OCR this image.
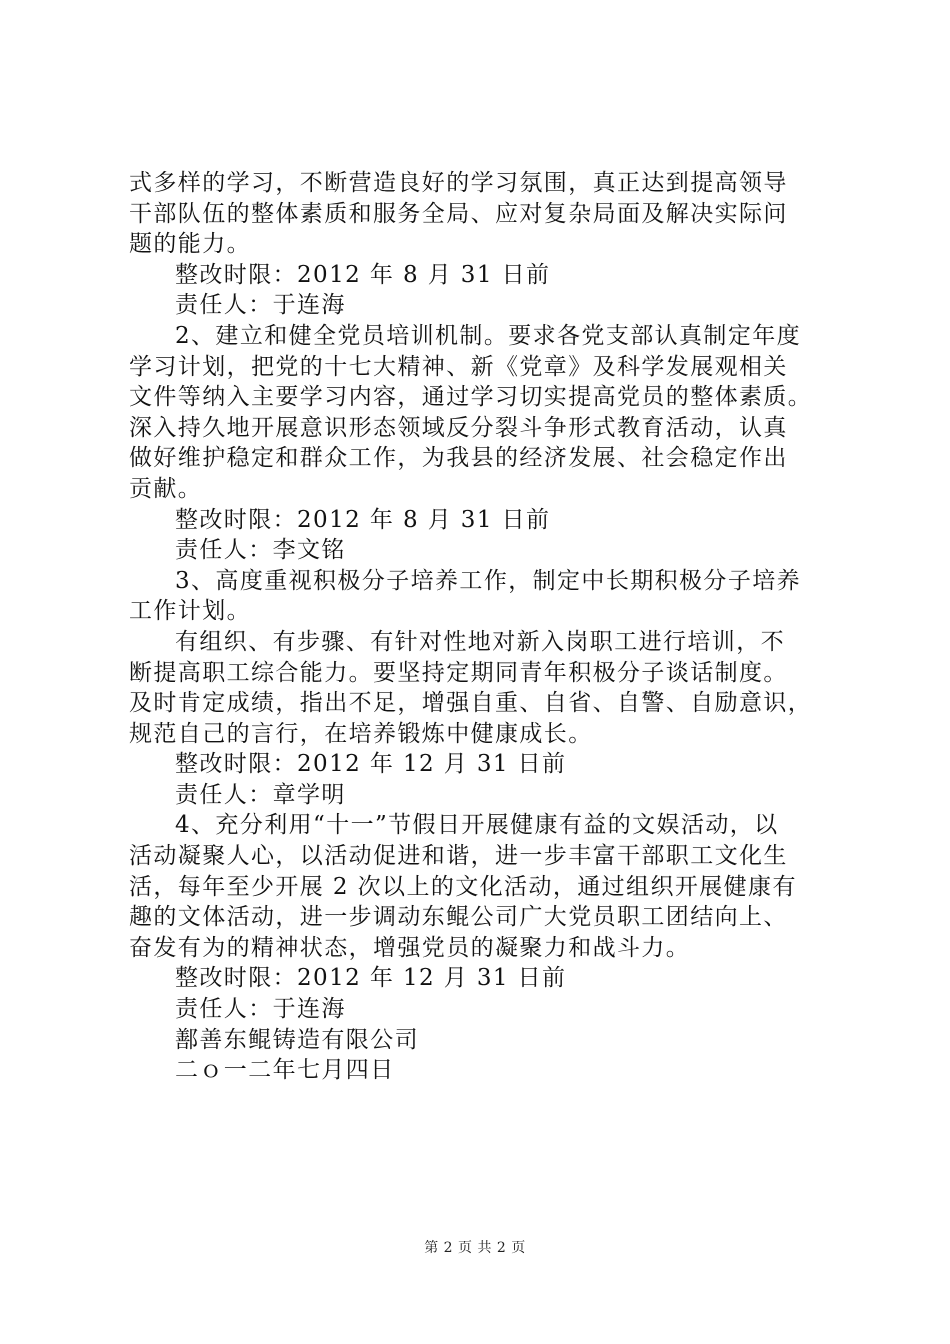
式多样的学习，不断营造良好的学习氛围，真正达到提高领导
干部队伍的整体素质和服务全局、应对复杂局面及解决实际问
题的能力。
整改时限：2012 年 8 月 31 日前
责任人：于连海
2、建立和健全党员培训机制。要求各党支部认真制定年度
学习计划，把党的十七大精神、新《党章》及科学发展观相关
文件等纳入主要学习内容，通过学习切实提高党员的整体素质。
深入持久地开展意识形态领域反分裂斗争形式教育活动，认真
做好维护稳定和群众工作，为我县的经济发展、社会稳定作出
贡献。
整改时限：2012 年 8 月 31 日前
责任人：李文铭
3、高度重视积极分子培养工作，制定中长期积极分子培养
工作计划。
有组织、有步骤、有针对性地对新入岗职工进行培训，不
断提高职工综合能力。要坚持定期同青年积极分子谈话制度。
及时肯定成绩，指出不足，增强自重、自省、自警、自励意识，
规范自己的言行，在培养锻炼中健康成长。
整改时限：2012 年 12 月 31 日前
责任人：章学明
4、充分利用“十一”节假日开展健康有益的文娱活动，以
活动凝聚人心，以活动促进和谐，进一步丰富干部职工文化生
活，每年至少开展 2 次以上的文化活动，通过组织开展健康有
趣的文体活动，进一步调动东鲲公司广大党员职工团结向上、
奋发有为的精神状态，增强党员的凝聚力和战斗力。
整改时限：2012 年 12 月 31 日前
责任人：于连海
鄯善东鲲铸造有限公司
二ｏ一二年七月四日
第 2 页 共 2 页
